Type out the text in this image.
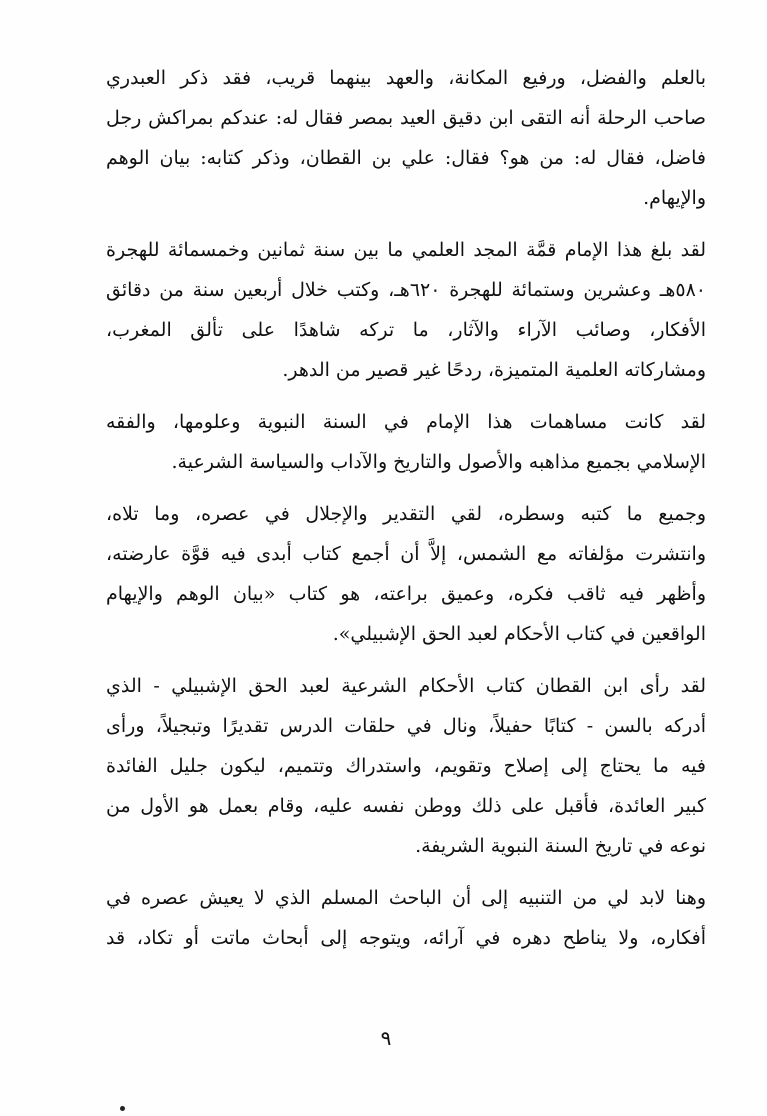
بالعلم والفضل، ورفيع المكانة، والعهد بينهما قريب، فقد ذكر العبدري
صاحب الرحلة أنه التقى ابن دقيق العيد بمصر فقال له: عندكم بمراكش رجل
فاضل، فقال له: من هو؟ فقال: علي بن القطان، وذكر كتابه: بيان الوهم
والإيهام.
لقد بلغ هذا الإمام قمَّة المجد العلمي ما بين سنة ثمانين وخمسمائة للهجرة
٥٨٠هـ وعشرين وستمائة للهجرة ٦٢٠هـ، وكتب خلال أربعين سنة من دقائق
الأفكار، وصائب الآراء والآثار، ما تركه شاهدًا على تألق المغرب،
ومشاركاته العلمية المتميزة، ردحًا غير قصير من الدهر.
لقد كانت مساهمات هذا الإمام في السنة النبوية وعلومها، والفقه
الإسلامي بجميع مذاهبه والأصول والتاريخ والآداب والسياسة الشرعية.
وجميع ما كتبه وسطره، لقي التقدير والإجلال في عصره، وما تلاه،
وانتشرت مؤلفاته مع الشمس، إلاَّ أن أجمع كتاب أبدى فيه قوَّة عارضته،
وأظهر فيه ثاقب فكره، وعميق براعته، هو كتاب «بيان الوهم والإيهام
الواقعين في كتاب الأحكام لعبد الحق الإشبيلي».
لقد رأى ابن القطان كتاب الأحكام الشرعية لعبد الحق الإشبيلي - الذي
أدركه بالسن - كتابًا حفيلاً، ونال في حلقات الدرس تقديرًا وتبجيلاً، ورأى
فيه ما يحتاج إلى إصلاح وتقويم، واستدراك وتتميم، ليكون جليل الفائدة
كبير العائدة، فأقبل على ذلك ووطن نفسه عليه، وقام بعمل هو الأول من
نوعه في تاريخ السنة النبوية الشريفة.
وهنا لابد لي من التنبيه إلى أن الباحث المسلم الذي لا يعيش عصره في
أفكاره، ولا يناطح دهره في آرائه، ويتوجه إلى أبحاث ماتت أو تكاد، قد
٩
